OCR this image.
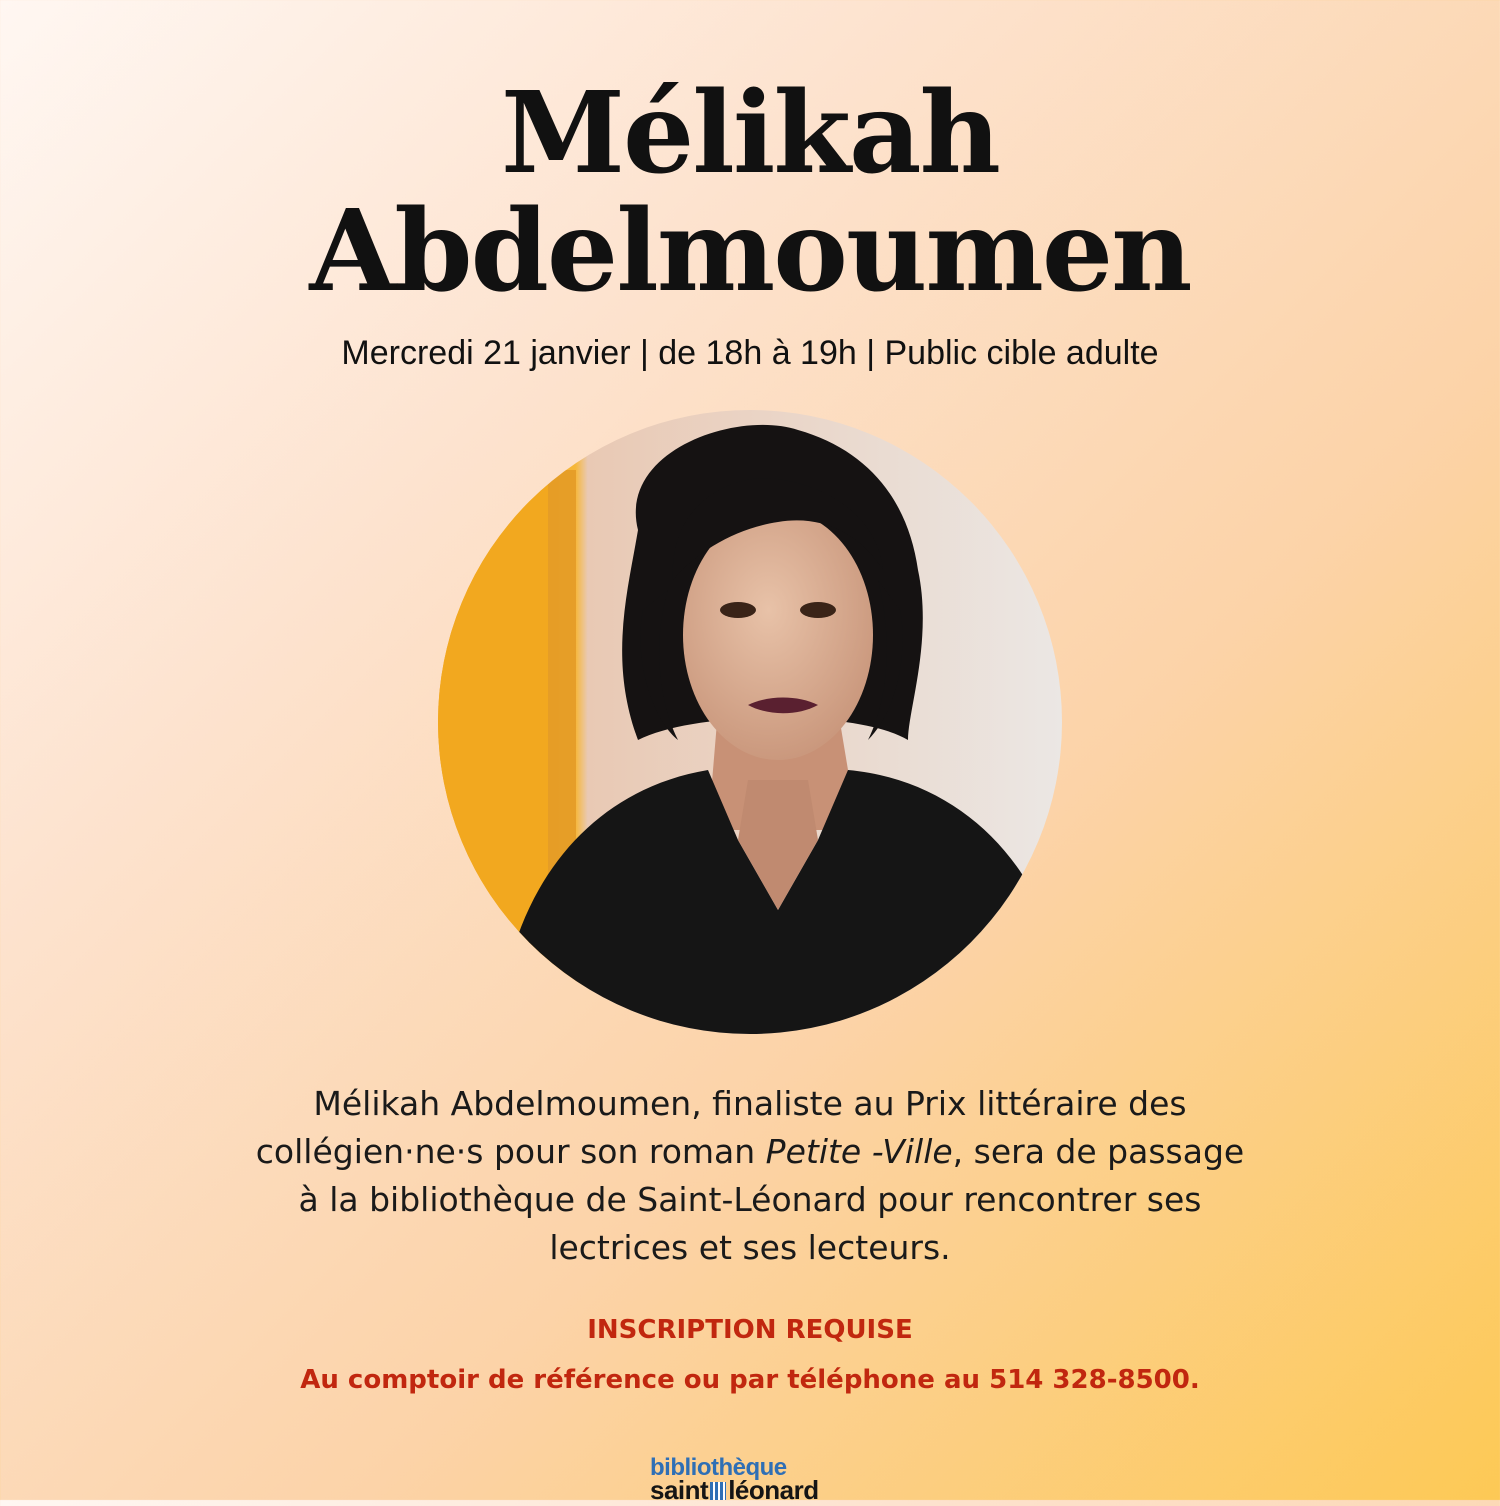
Mélikah
Abdelmoumen
Mercredi 21 janvier | de 18h à 19h | Public cible adulte

Mélikah Abdelmoumen, finaliste au Prix littéraire des collégien·ne·s pour son roman Petite -Ville, sera de passage à la bibliothèque de Saint-Léonard pour rencontrer ses lectrices et ses lecteurs.

INSCRIPTION REQUISE
Au comptoir de référence ou par téléphone au 514 328-8500.
bibliothèque
saint léonard
